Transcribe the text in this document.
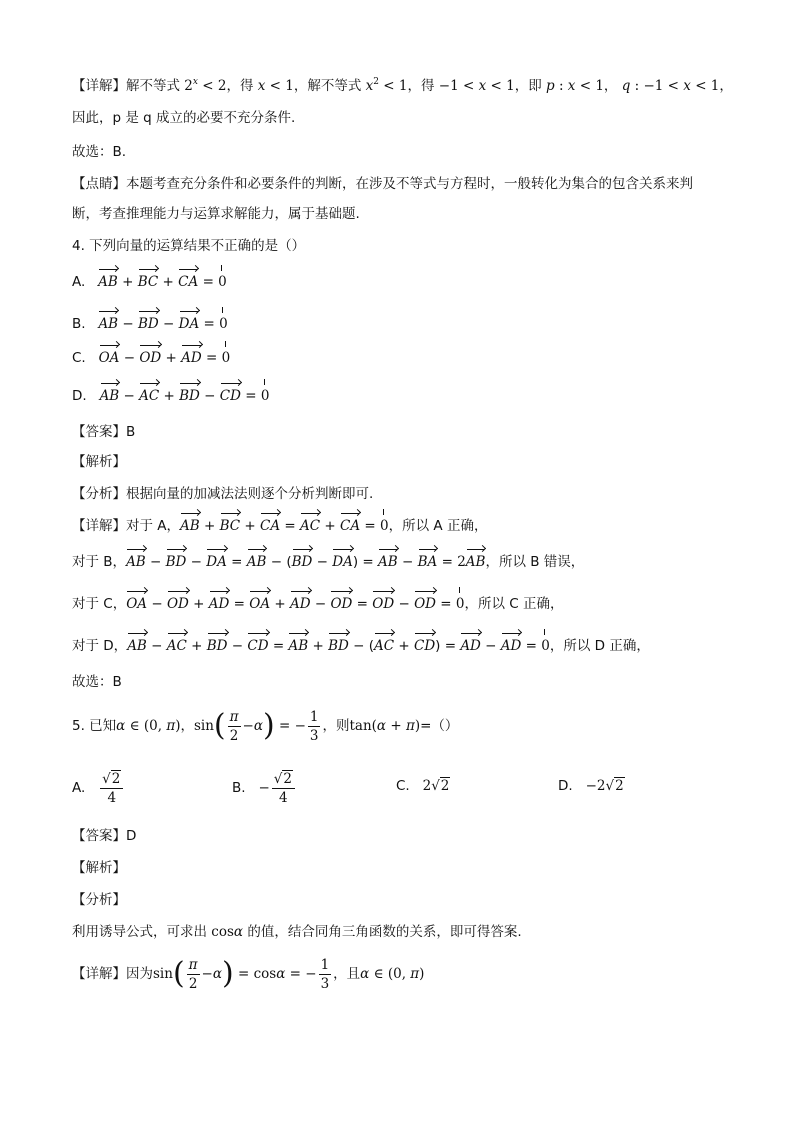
【详解】解不等式 $2^x < 2$，得 x < 1，解不等式 $x^2 < 1$，得 −1 < x < 1，即 p : x < 1， q : −1 < x < 1，
因此，p 是 q 成立的必要不充分条件.
故选：B.
【点睛】本题考查充分条件和必要条件的判断，在涉及不等式与方程时，一般转化为集合的包含关系来判
断，考查推理能力与运算求解能力，属于基础题.
4. 下列向量的运算结果不正确的是（）
A. AB + BC + CA = 0
B. AB − BD − DA = 0
C. OA − OD + AD = 0
D. AB − AC + BD − CD = 0
【答案】B
【解析】
【分析】根据向量的加减法法则逐个分析判断即可.
【详解】对于 A，AB + BC + CA = AC + CA = 0，所以 A 正确，
对于 B，AB − BD − DA = AB − (BD − DA) = AB − BA = 2AB，所以 B 错误，
对于 C，OA − OD + AD = OA + AD − OD = OD − OD = 0，所以 C 正确，
对于 D，AB − AC + BD − CD = AB + BD − (AC + CD) = AD − AD = 0，所以 D 正确，
故选：B
5. 已知α ∈ (0, π)，$\sin( \frac{\pi}{2} -\alpha)$ = − $\frac{1}{3}$ ，则tan(α + π)=（）
A. $\frac{√2}{4}$	B. − $\frac{√2}{4}$	C. 2√2	D. −2√2
【答案】D
【解析】
【分析】
利用诱导公式，可求出 cosα 的值，结合同角三角函数的关系，即可得答案.
【详解】因为$\sin( \frac{\pi}{2} -\alpha) = \cos\alpha$ = − $\frac{1}{3}$ ，且α ∈ (0, π)
